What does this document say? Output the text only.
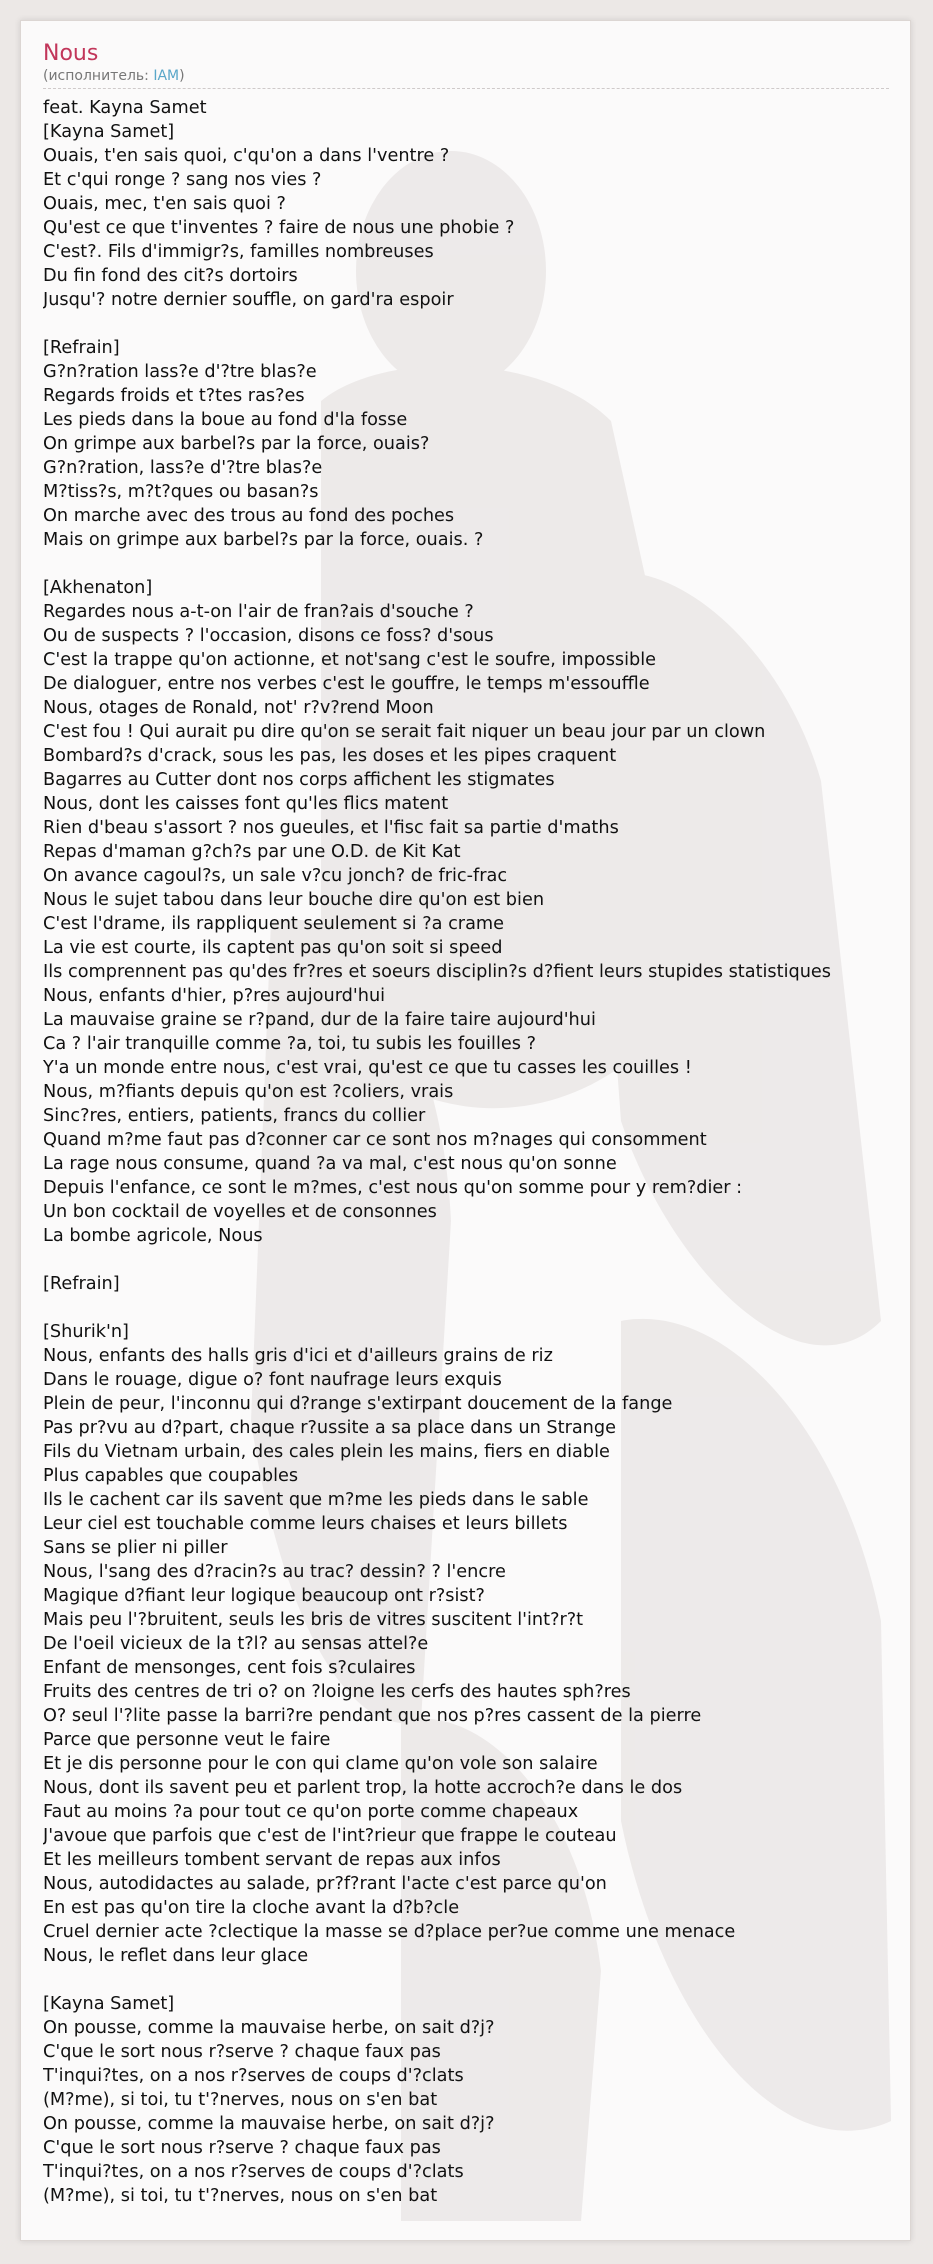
Nous
(исполнитель: IAM)
feat. Kayna Samet
[Kayna Samet]
Ouais, t'en sais quoi, c'qu'on a dans l'ventre ?
Et c'qui ronge ? sang nos vies ?
Ouais, mec, t'en sais quoi ?
Qu'est ce que t'inventes ? faire de nous une phobie ?
C'est?. Fils d'immigr?s, familles nombreuses
Du fin fond des cit?s dortoirs
Jusqu'? notre dernier souffle, on gard'ra espoir
[Refrain]
G?n?ration lass?e d'?tre blas?e
Regards froids et t?tes ras?es
Les pieds dans la boue au fond d'la fosse
On grimpe aux barbel?s par la force, ouais?
G?n?ration, lass?e d'?tre blas?e
M?tiss?s, m?t?ques ou basan?s
On marche avec des trous au fond des poches
Mais on grimpe aux barbel?s par la force, ouais. ?
[Akhenaton]
Regardes nous a-t-on l'air de fran?ais d'souche ?
Ou de suspects ? l'occasion, disons ce foss? d'sous
C'est la trappe qu'on actionne, et not'sang c'est le soufre, impossible
De dialoguer, entre nos verbes c'est le gouffre, le temps m'essouffle
Nous, otages de Ronald, not' r?v?rend Moon
C'est fou ! Qui aurait pu dire qu'on se serait fait niquer un beau jour par un clown
Bombard?s d'crack, sous les pas, les doses et les pipes craquent
Bagarres au Cutter dont nos corps affichent les stigmates
Nous, dont les caisses font qu'les flics matent
Rien d'beau s'assort ? nos gueules, et l'fisc fait sa partie d'maths
Repas d'maman g?ch?s par une O.D. de Kit Kat
On avance cagoul?s, un sale v?cu jonch? de fric-frac
Nous le sujet tabou dans leur bouche dire qu'on est bien
C'est l'drame, ils rappliquent seulement si ?a crame
La vie est courte, ils captent pas qu'on soit si speed
Ils comprennent pas qu'des fr?res et soeurs disciplin?s d?fient leurs stupides statistiques
Nous, enfants d'hier, p?res aujourd'hui
La mauvaise graine se r?pand, dur de la faire taire aujourd'hui
Ca ? l'air tranquille comme ?a, toi, tu subis les fouilles ?
Y'a un monde entre nous, c'est vrai, qu'est ce que tu casses les couilles !
Nous, m?fiants depuis qu'on est ?coliers, vrais
Sinc?res, entiers, patients, francs du collier
Quand m?me faut pas d?conner car ce sont nos m?nages qui consomment
La rage nous consume, quand ?a va mal, c'est nous qu'on sonne
Depuis l'enfance, ce sont le m?mes, c'est nous qu'on somme pour y rem?dier :
Un bon cocktail de voyelles et de consonnes
La bombe agricole, Nous
[Refrain]
[Shurik'n]
Nous, enfants des halls gris d'ici et d'ailleurs grains de riz
Dans le rouage, digue o? font naufrage leurs exquis
Plein de peur, l'inconnu qui d?range s'extirpant doucement de la fange
Pas pr?vu au d?part, chaque r?ussite a sa place dans un Strange
Fils du Vietnam urbain, des cales plein les mains, fiers en diable
Plus capables que coupables
Ils le cachent car ils savent que m?me les pieds dans le sable
Leur ciel est touchable comme leurs chaises et leurs billets
Sans se plier ni piller
Nous, l'sang des d?racin?s au trac? dessin? ? l'encre
Magique d?fiant leur logique beaucoup ont r?sist?
Mais peu l'?bruitent, seuls les bris de vitres suscitent l'int?r?t
De l'oeil vicieux de la t?l? au sensas attel?e
Enfant de mensonges, cent fois s?culaires
Fruits des centres de tri o? on ?loigne les cerfs des hautes sph?res
O? seul l'?lite passe la barri?re pendant que nos p?res cassent de la pierre
Parce que personne veut le faire
Et je dis personne pour le con qui clame qu'on vole son salaire
Nous, dont ils savent peu et parlent trop, la hotte accroch?e dans le dos
Faut au moins ?a pour tout ce qu'on porte comme chapeaux
J'avoue que parfois que c'est de l'int?rieur que frappe le couteau
Et les meilleurs tombent servant de repas aux infos
Nous, autodidactes au salade, pr?f?rant l'acte c'est parce qu'on
En est pas qu'on tire la cloche avant la d?b?cle
Cruel dernier acte ?clectique la masse se d?place per?ue comme une menace
Nous, le reflet dans leur glace
[Kayna Samet]
On pousse, comme la mauvaise herbe, on sait d?j?
C'que le sort nous r?serve ? chaque faux pas
T'inqui?tes, on a nos r?serves de coups d'?clats
(M?me), si toi, tu t'?nerves, nous on s'en bat
On pousse, comme la mauvaise herbe, on sait d?j?
C'que le sort nous r?serve ? chaque faux pas
T'inqui?tes, on a nos r?serves de coups d'?clats
(M?me), si toi, tu t'?nerves, nous on s'en bat
